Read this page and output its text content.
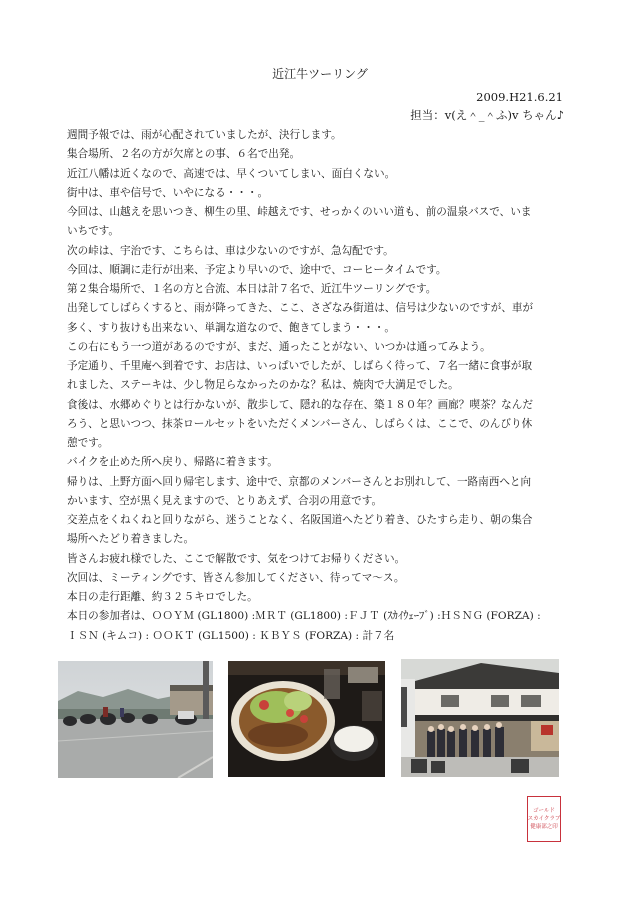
近江牛ツーリング
2009.H21.6.21
担当：v(え＾_＾ふ)v ちゃん♪
週間予報では、雨が心配されていましたが、決行します。
集合場所、２名の方が欠席との事、６名で出発。
近江八幡は近くなので、高速では、早くついてしまい、面白くない。
街中は、車や信号で、いやになる・・・。
今回は、山越えを思いつき、柳生の里、峠越えです、せっかくのいい道も、前の温泉バスで、いま
いちです。
次の峠は、宇治です、こちらは、車は少ないのですが、急勾配です。
今回は、順調に走行が出来、予定より早いので、途中で、コーヒータイムです。
第２集合場所で、１名の方と合流、本日は計７名で、近江牛ツーリングです。
出発してしばらくすると、雨が降ってきた、ここ、さざなみ街道は、信号は少ないのですが、車が
多く、すり抜けも出来ない、単調な道なので、飽きてしまう・・・。
この右にもう一つ道があるのですが、まだ、通ったことがない、いつかは通ってみよう。
予定通り、千里庵へ到着です、お店は、いっぱいでしたが、しばらく待って、７名一緒に食事が取
れました、ステーキは、少し物足らなかったのかな？私は、焼肉で大満足でした。
食後は、水郷めぐりとは行かないが、散歩して、隠れ的な存在、築１８０年？画廊？喫茶？なんだ
ろう、と思いつつ、抹茶ロールセットをいただくメンバーさん、しばらくは、ここで、のんびり休
憩です。
バイクを止めた所へ戻り、帰路に着きます。
帰りは、上野方面へ回り帰宅します、途中で、京都のメンバーさんとお別れして、一路南西へと向
かいます、空が黒く見えますので、とりあえず、合羽の用意です。
交差点をくねくねと回りながら、迷うことなく、名阪国道へたどり着き、ひたすら走り、朝の集合
場所へたどり着きました。
皆さんお疲れ様でした、ここで解散です、気をつけてお帰りください。
次回は、ミーティングです、皆さん参加してください、待ってマ～ス。
本日の走行距離、約３２５キロでした。
本日の参加者は、ＯＯＹＭ (GL1800) :ＭＲＴ (GL1800) :ＦＪＴ (ｽｶｲｳｪｰﾌﾞ) :ＨＳＮＧ (FORZA) :
ＩＳＮ (キムコ) : ＯＯＫＴ (GL1500) : ＫＢＹＳ (FORZA) : 計７名
ゴールド
スカイクラブ
健康部之印
